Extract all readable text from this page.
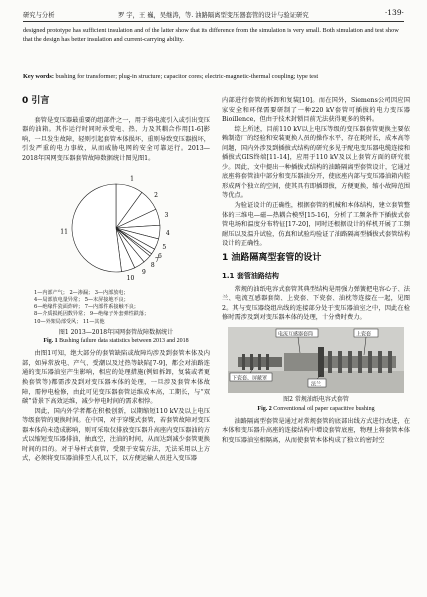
研究与分析	罗 宇，王 巍，吴继涛，等. 油路隔离型变压器套管的设计与验证研究	·139·
designed prototype has sufficient insulation and of the latter show that its difference from the simulation is very small. Both simulation and test show that the design has better insulation and current-carrying ability.
Key words: bushing for transformer; plug-in structure; capacitor cores; electric-magnetic-thermal coupling; type test
0 引言

套管是变压器最重要的组部件之一，用于将电流引入或引出变压器的油箱。其作运行时同时承受电、热、力及其耦合作用[1-6]影响，一旦发生故障，轻则引起套管本体损坏，重则导致变压器损坏，引发严重的电力事故，从而威胁电网的安全可靠运行。2013—2018年国网变压器套管故障数据统计图见图1。

1
2
3
4
5
6
7
8
9
10
11
1—内部产气； 2—渗漏； 3—内部放电；
4—局部放电量异常； 5—末屏接地不良；
6—绝缘件瓷面炸碎； 7—内部件系接触不良；
8—介质损耗因数异常； 9—绝缘子外套弹性跌落；
10—外架局部受风； 11—其他
图1 2013—2018年国网套管故障数据统计
Fig. 1 Bushing failure data statistics between 2013 and 2018

由图1可知，绝大部分的套管缺陷或故障均涉及到套管本体及内部，如异常放电、产气、受潮以及过热等缺陷[7-9]，都会对油路连通的变压器油室产生影响，相应的处理措施(例如拆卸，复装或者更换套管等)都需涉及到对变压器本体的处理，一旦涉及套管本体故障，需停电检修，由此可见变压器套管运维成本高，工期长，与“双碳”背景下高效运维，减少停电时间的需求相悖。

因此，国内外学者都在积极创新，以期缩短110 kV及以上电压等级套管的更换时间。在中国，对于穿缆式套管，若套管故障对变压器本体尚未造成影响，则可采取仅排放变压器升高座内变压器油的方式以缩短变压器排油，抽真空，注油的时间，从而达到减少套管更换时间的目的。对于导杆式套管，受限于安装方法，无法采用以上方式，必须将变压器油排至人孔以下，以方便运输人员进入变压器

内部进行套管的拆卸和复装[10]。而在国外，Siemens公司因应国家安全和环保需要研制了一种220 kV套管可插拔的电力变压器Bioillence，但由于技术封锁目前无法获得更多的资料。

综上所述，目前110 kV以上电压等级的变压器套管更换主要依赖制造厂的经验和安装更换人员的操作水平，存在耗时长，成本高等问题，国内外涉及到插拔式结构的研究多见于配电变压器电缆连接和插拔式GIS终端[11-14]，应用于110 kV及以上套管方面的研究很少。因此，文中提出一种插拔式结构的油路隔离型套管设计，它通过底座将套管油中部分和变压器油分开，使底座内部与变压器油箱内腔形成两个独立的空间，使其具有即插即拔，方便更换，缩小故障范围等优点。

为验证设计的正确性，根据套管的机械和本体结构，建立套管整体的三维电—磁—热耦合模型[15-16]，分析了工频条件下插拔式套管电场和温度分布特征[17-20]，同时还根据设计的样机开展了工频耐压以及温升试验，仿真和试验均验证了油路隔离型插拔式套管结构设计的正确性。

1 油路隔离型套管的设计
1.1 套管油路结构

常规的油纸电容式套管其典型结构是用强力弹簧把电容心子、法兰、电流互感器套筒、上瓷套、下瓷套、油枕等连接在一起，见图2。其与变压器绕组出线的连接部分处于变压器油室之中，因此在检修时需涉及到对变压器本体的处理，十分费时费力。

下瓷套、屏蔽罩
电流互感器套筒
法兰
上瓷套
图2 常规油纸电容式套管
Fig. 2 Conventional oil paper capacitive bushing

油路隔离型套管是通过对常规套管的底部出线方式进行改进，在本体和变压器升高座的连接结构中增设套管底座，物理上将套管本体和变压器油室相隔离，从而使套管本体构成了独立的密封空
